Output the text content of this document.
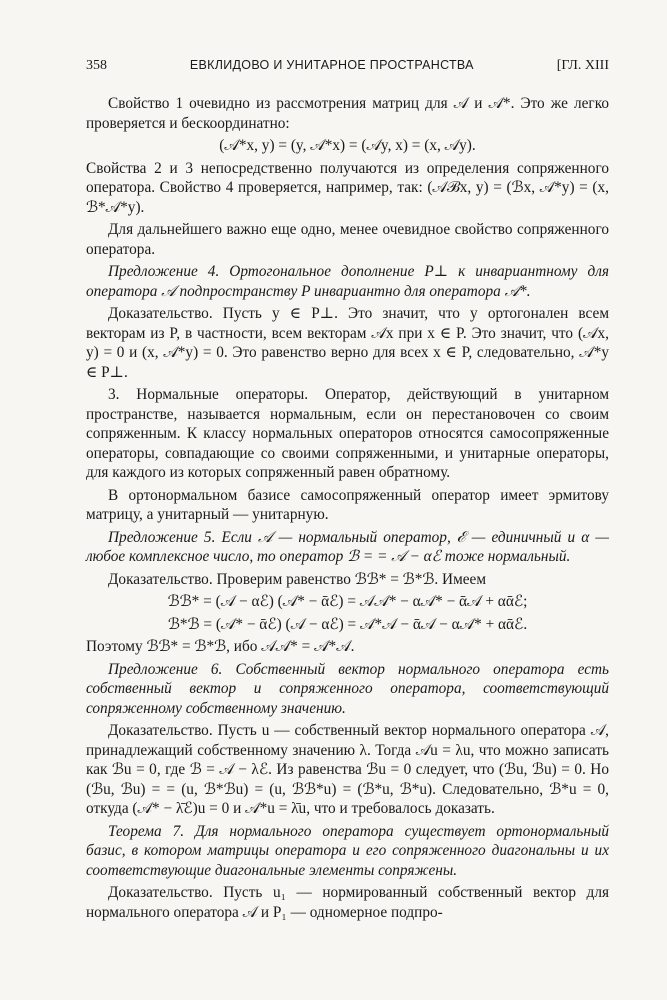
358	ЕВКЛИДОВО И УНИТАРНОЕ ПРОСТРАНСТВА	[ГЛ. XIII

Свойство 1 очевидно из рассмотрения матриц для 𝒜 и 𝒜*. Это же легко проверяется и бескоординатно:

(𝒜*x, y) = (y, 𝒜*x) = (𝒜y, x) = (x, 𝒜y).

Свойства 2 и 3 непосредственно получаются из определения сопряженного оператора. Свойство 4 проверяется, например, так: (𝒜ℬx, y) = (ℬx, 𝒜*y) = (x, ℬ*𝒜*y).

Для дальнейшего важно еще одно, менее очевидное свойство сопряженного оператора.

Предложение 4. Ортогональное дополнение P⊥ к инвариантному для оператора 𝒜 подпространству P инвариантно для оператора 𝒜*.

Доказательство. Пусть y ∈ P⊥. Это значит, что y ортогонален всем векторам из P, в частности, всем векторам 𝒜x при x ∈ P. Это значит, что (𝒜x, y) = 0 и (x, 𝒜*y) = 0. Это равенство верно для всех x ∈ P, следовательно, 𝒜*y ∈ P⊥.

3. Нормальные операторы. Оператор, действующий в унитарном пространстве, называется нормальным, если он перестановочен со своим сопряженным. К классу нормальных операторов относятся самосопряженные операторы, совпадающие со своими сопряженными, и унитарные операторы, для каждого из которых сопряженный равен обратному.

В ортонормальном базисе самосопряженный оператор имеет эрмитову матрицу, а унитарный — унитарную.

Предложение 5. Если 𝒜 — нормальный оператор, ℰ — единичный и α — любое комплексное число, то оператор ℬ = = 𝒜 − αℰ тоже нормальный.

Доказательство. Проверим равенство ℬℬ* = ℬ*ℬ. Имеем

ℬℬ* = (𝒜 − αℰ) (𝒜* − ᾱℰ) = 𝒜𝒜* − α𝒜* − ᾱ𝒜 + αᾱℰ;

ℬ*ℬ = (𝒜* − ᾱℰ) (𝒜 − αℰ) = 𝒜*𝒜 − ᾱ𝒜 − α𝒜* + αᾱℰ.

Поэтому ℬℬ* = ℬ*ℬ, ибо 𝒜𝒜* = 𝒜*𝒜.

Предложение 6. Собственный вектор нормального оператора есть собственный вектор и сопряженного оператора, соответствующий сопряженному собственному значению.

Доказательство. Пусть u — собственный вектор нормального оператора 𝒜, принадлежащий собственному значению λ. Тогда 𝒜u = λu, что можно записать как ℬu = 0, где ℬ = 𝒜 − λℰ. Из равенства ℬu = 0 следует, что (ℬu, ℬu) = 0. Но (ℬu, ℬu) = = (u, ℬ*ℬu) = (u, ℬℬ*u) = (ℬ*u, ℬ*u). Следовательно, ℬ*u = 0, откуда (𝒜* − λ̄ℰ)u = 0 и 𝒜*u = λ̄u, что и требовалось доказать.

Теорема 7. Для нормального оператора существует ортонормальный базис, в котором матрицы оператора и его сопряженного диагональны и их соответствующие диагональные элементы сопряжены.

Доказательство. Пусть u₁ — нормированный собственный вектор для нормального оператора 𝒜 и P₁ — одномерное подпро-
